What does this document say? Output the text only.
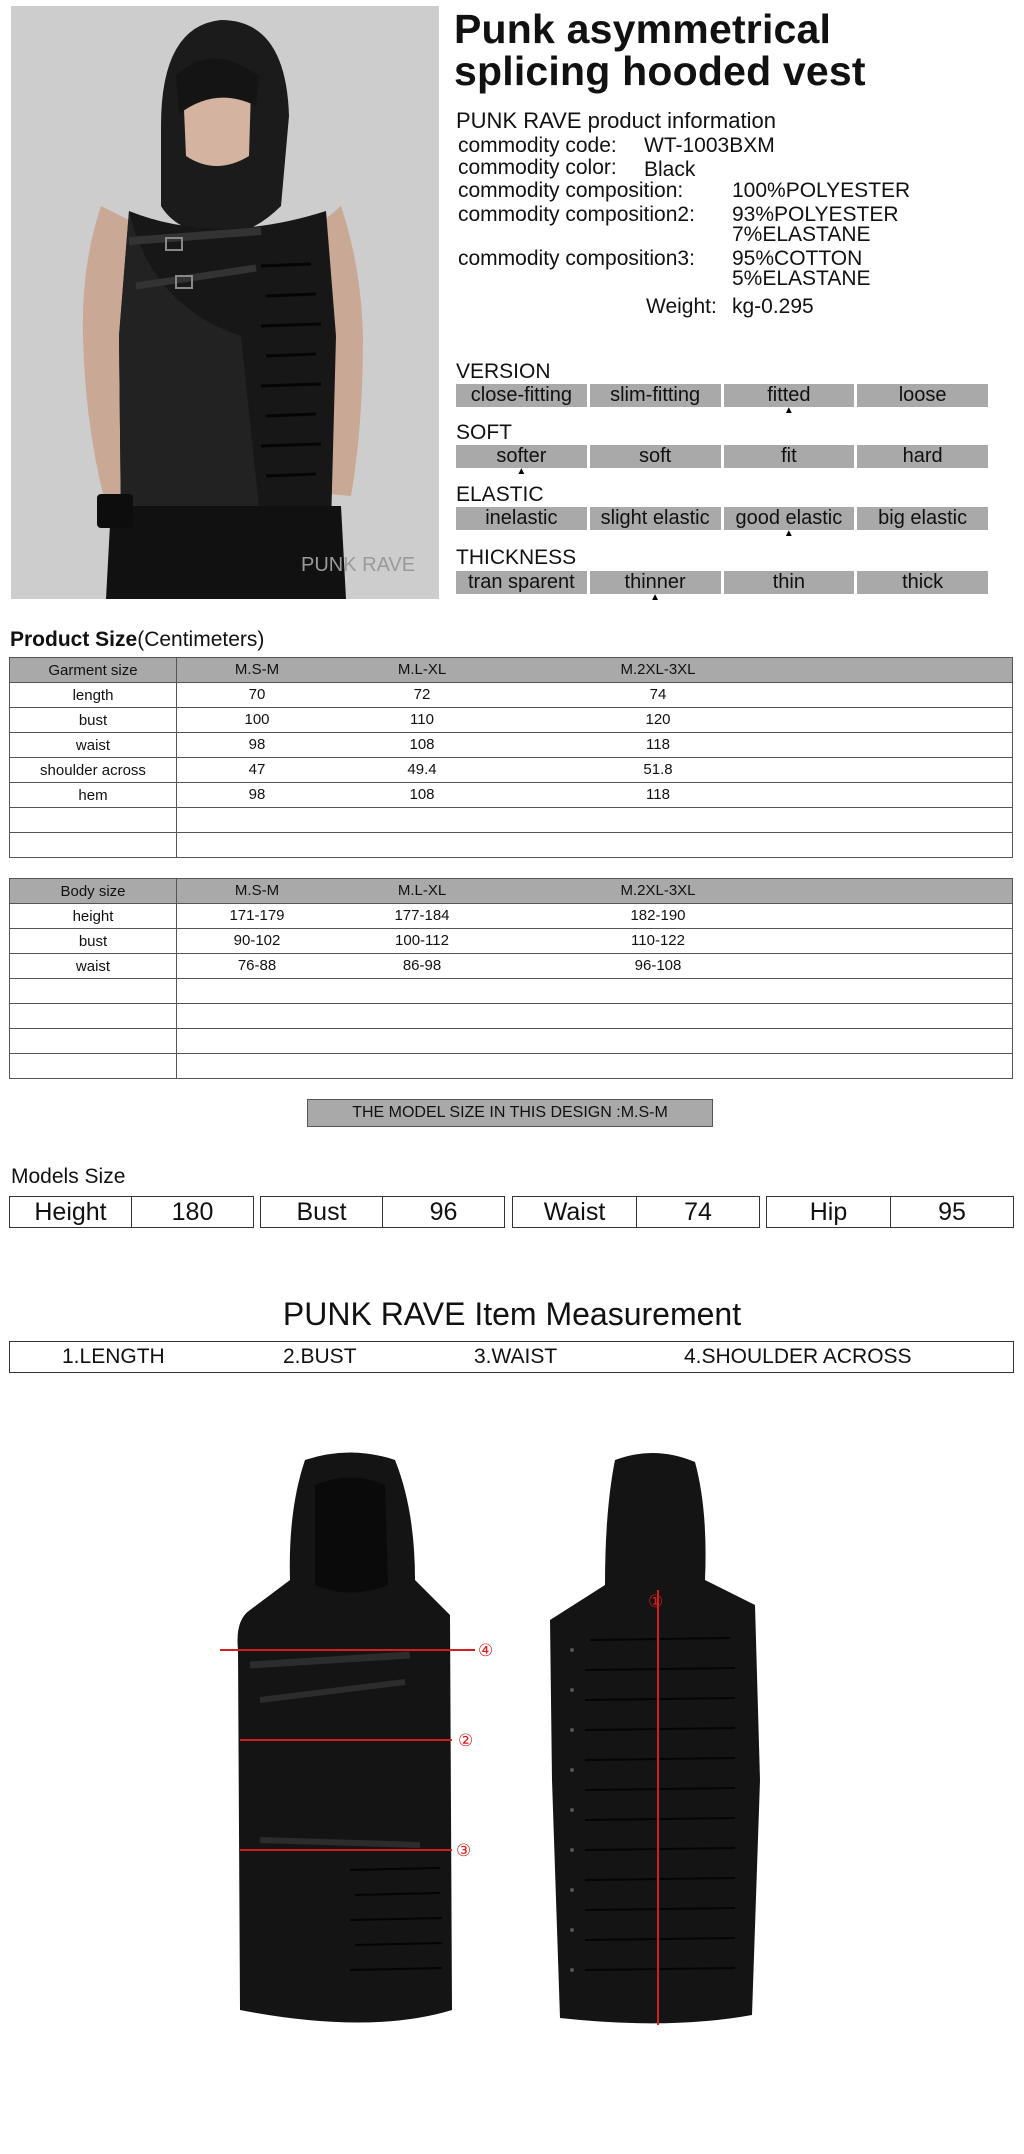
PUNK RAVE
Punk asymmetrical
splicing hooded vest
PUNK RAVE product information
commodity code: WT-1003BXM
commodity color: Black
commodity composition: 100%POLYESTER
commodity composition2: 93%POLYESTER
7%ELASTANE
commodity composition3: 95%COTTON
5%ELASTANE
Weight: kg-0.295
VERSION
close-fitting	slim-fitting	fitted ▲	loose
SOFT
softer ▲	soft	fit	hard
ELASTIC
inelastic	slight elastic	good elastic ▲	big elastic
THICKNESS
tran sparent	thinner ▲	thin	thick
Product Size(Centimeters)
Garment size	M.S-M M.L-XL M.2XL-3XL

length	70 72 74

bust	100 110 120

waist	98 108 118

shoulder across	47 49.4 51.8

hem	98 108 118

Body size	M.S-M M.L-XL M.2XL-3XL

height	171-179 177-184 182-190

bust	90-102 100-112 110-122

waist	76-88 86-98 96-108

THE MODEL SIZE IN THIS DESIGN :M.S-M
Models Size
Height	180	Bust	96	Waist	74	Hip	95
PUNK RAVE Item Measurement
1.LENGTH	2.BUST	3.WAIST	4.SHOULDER ACROSS
④
②
③
①
